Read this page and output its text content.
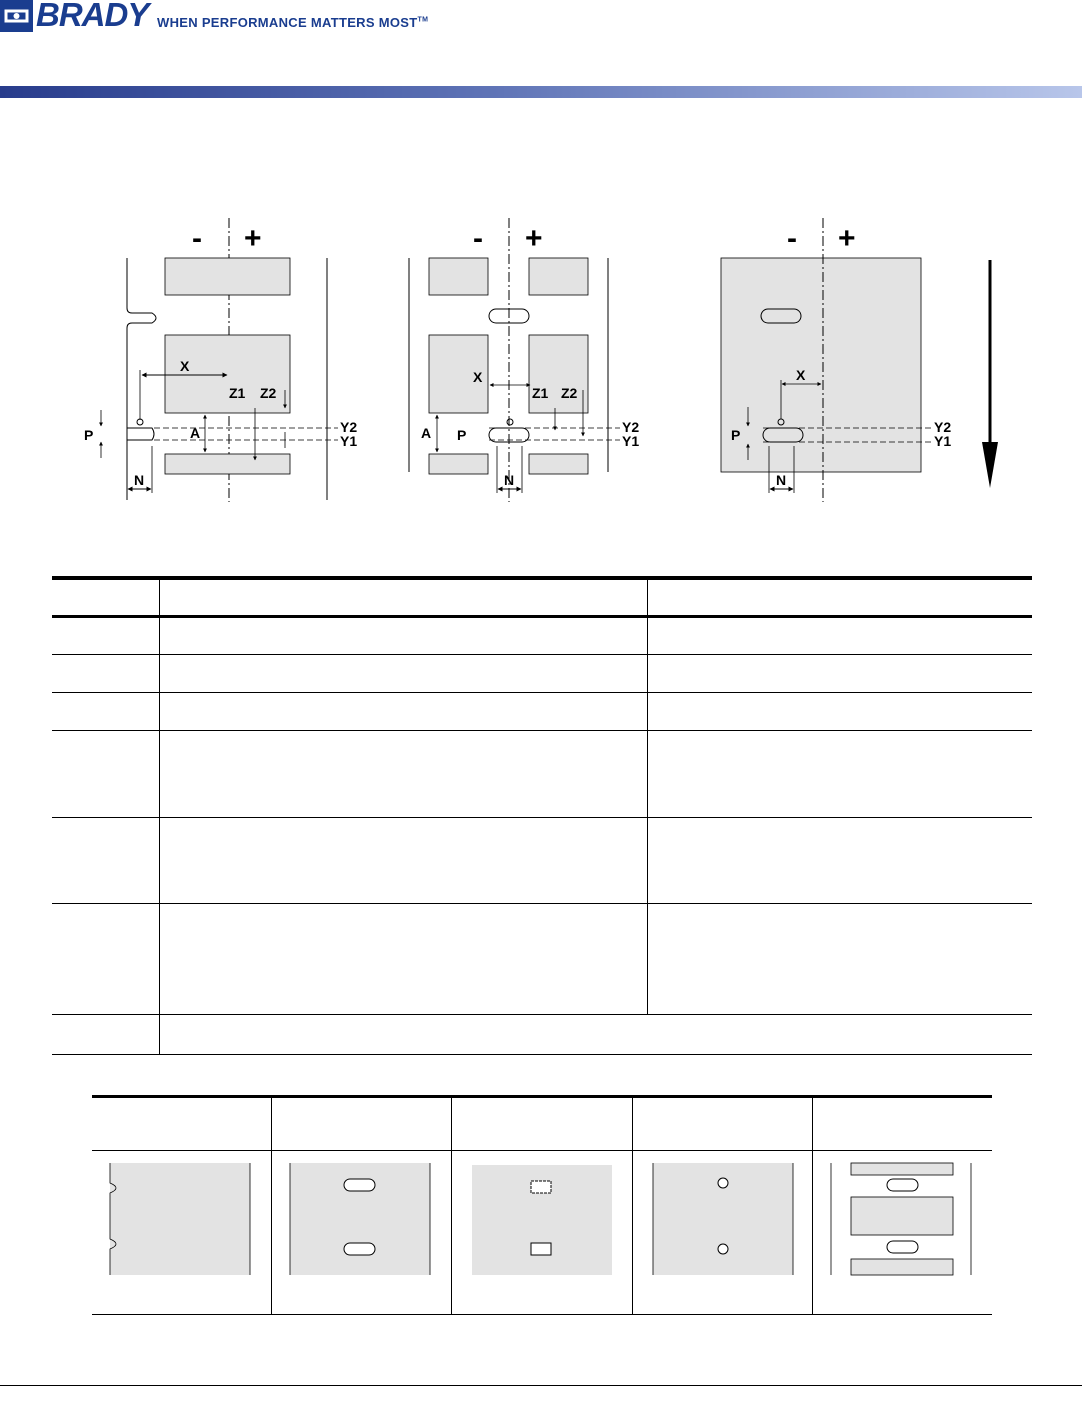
BRADY WHEN PERFORMANCE MATTERS MOST™
- +
X
Z1 Z2
A	Y2
Y1
P
N
- +
X
Z1 Z2
A P	Y2
Y1
N
- +
X
Y2
Y1
P
N
